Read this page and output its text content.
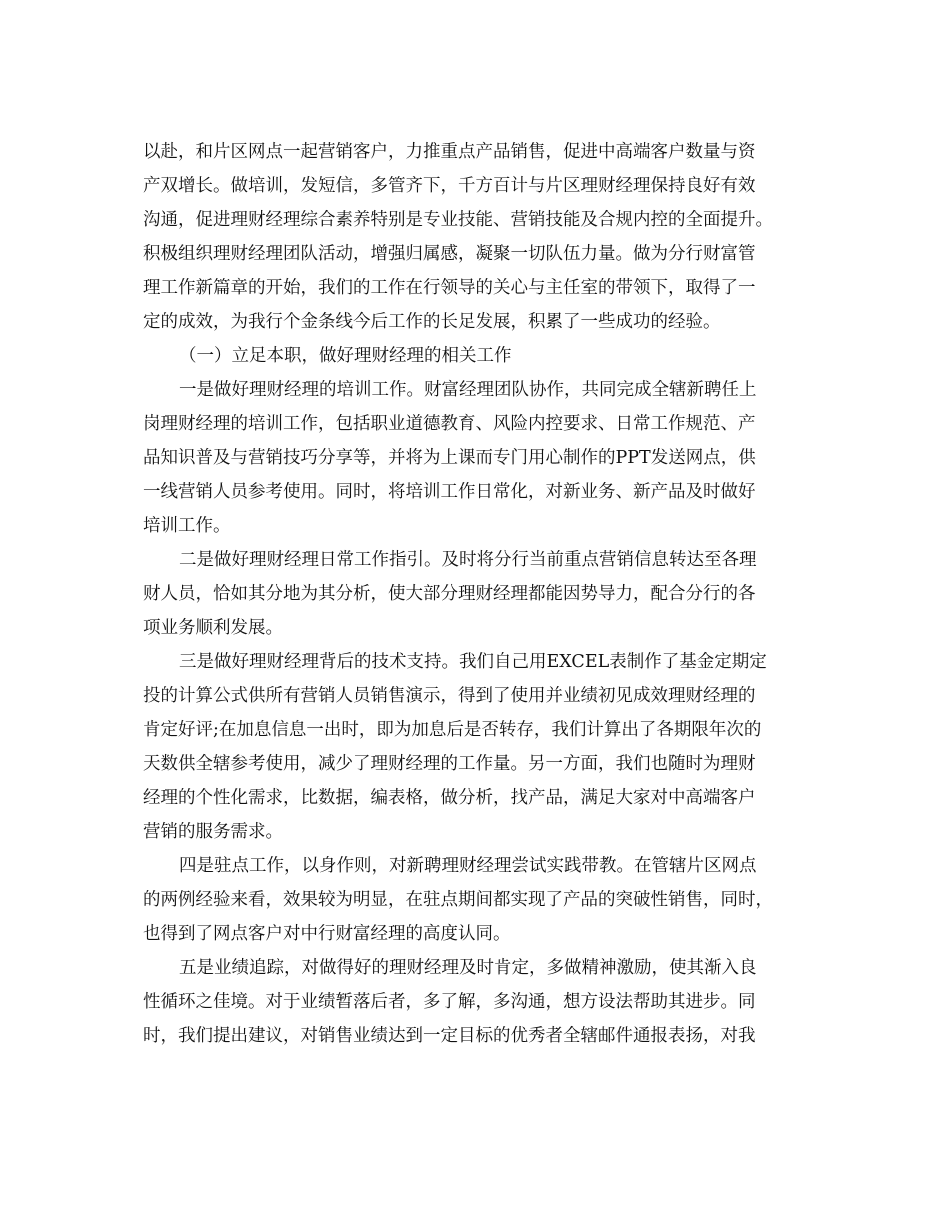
以赴，和片区网点一起营销客户，力推重点产品销售，促进中高端客户数量与资
产双增长。做培训，发短信，多管齐下，千方百计与片区理财经理保持良好有效
沟通，促进理财经理综合素养特别是专业技能、营销技能及合规内控的全面提升。
积极组织理财经理团队活动，增强归属感，凝聚一切队伍力量。做为分行财富管
理工作新篇章的开始，我们的工作在行领导的关心与主任室的带领下，取得了一
定的成效，为我行个金条线今后工作的长足发展，积累了一些成功的经验。
（一）立足本职，做好理财经理的相关工作
一是做好理财经理的培训工作。财富经理团队协作，共同完成全辖新聘任上
岗理财经理的培训工作，包括职业道德教育、风险内控要求、日常工作规范、产
品知识普及与营销技巧分享等，并将为上课而专门用心制作的PPT发送网点，供
一线营销人员参考使用。同时，将培训工作日常化，对新业务、新产品及时做好
培训工作。
二是做好理财经理日常工作指引。及时将分行当前重点营销信息转达至各理
财人员，恰如其分地为其分析，使大部分理财经理都能因势导力，配合分行的各
项业务顺利发展。
三是做好理财经理背后的技术支持。我们自己用EXCEL表制作了基金定期定
投的计算公式供所有营销人员销售演示，得到了使用并业绩初见成效理财经理的
肯定好评;在加息信息一出时，即为加息后是否转存，我们计算出了各期限年次的
天数供全辖参考使用，减少了理财经理的工作量。另一方面，我们也随时为理财
经理的个性化需求，比数据，编表格，做分析，找产品，满足大家对中高端客户
营销的服务需求。
四是驻点工作，以身作则，对新聘理财经理尝试实践带教。在管辖片区网点
的两例经验来看，效果较为明显，在驻点期间都实现了产品的突破性销售，同时，
也得到了网点客户对中行财富经理的高度认同。
五是业绩追踪，对做得好的理财经理及时肯定，多做精神激励，使其渐入良
性循环之佳境。对于业绩暂落后者，多了解，多沟通，想方设法帮助其进步。同
时，我们提出建议，对销售业绩达到一定目标的优秀者全辖邮件通报表扬，对我
